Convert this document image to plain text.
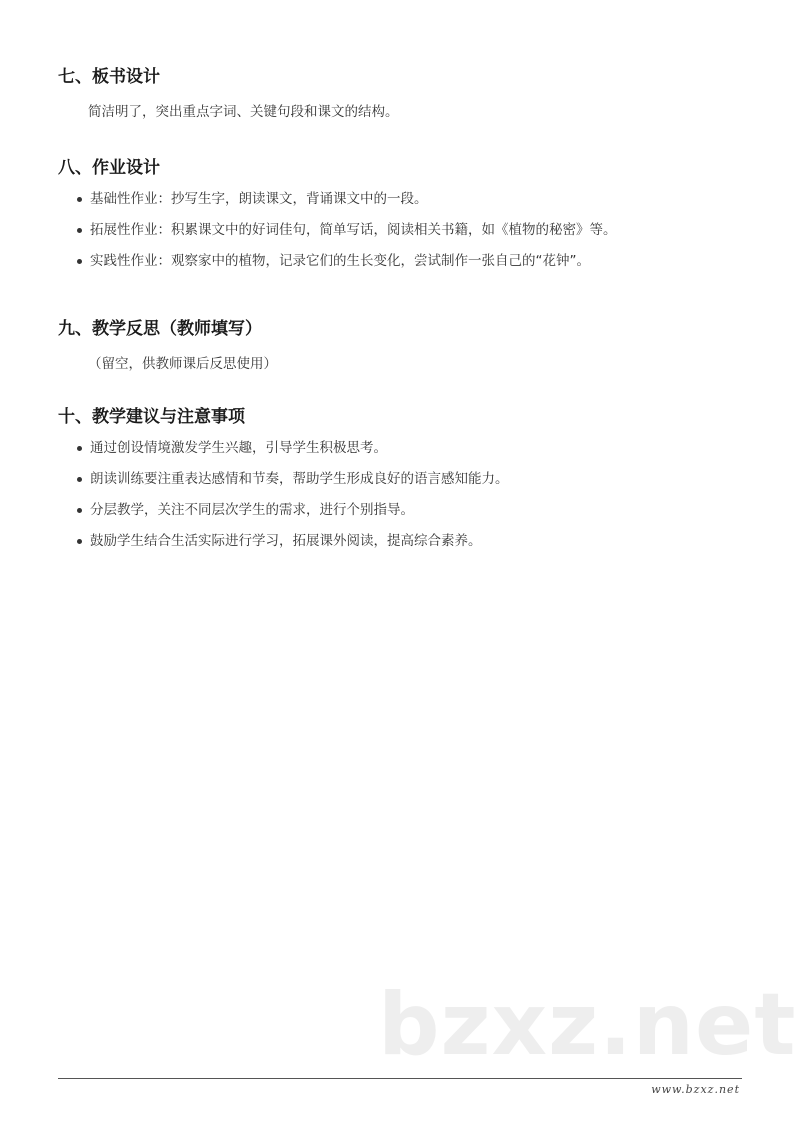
七、板书设计

简洁明了，突出重点字词、关键句段和课文的结构。

八、作业设计
基础性作业：抄写生字，朗读课文，背诵课文中的一段。
拓展性作业：积累课文中的好词佳句，简单写话，阅读相关书籍，如《植物的秘密》等。
实践性作业：观察家中的植物，记录它们的生长变化，尝试制作一张自己的“花钟”。
九、教学反思（教师填写）

（留空，供教师课后反思使用）

十、教学建议与注意事项
通过创设情境激发学生兴趣，引导学生积极思考。
朗读训练要注重表达感情和节奏，帮助学生形成良好的语言感知能力。
分层教学，关注不同层次学生的需求，进行个别指导。
鼓励学生结合生活实际进行学习，拓展课外阅读，提高综合素养。
bzxz.net
www.bzxz.net
